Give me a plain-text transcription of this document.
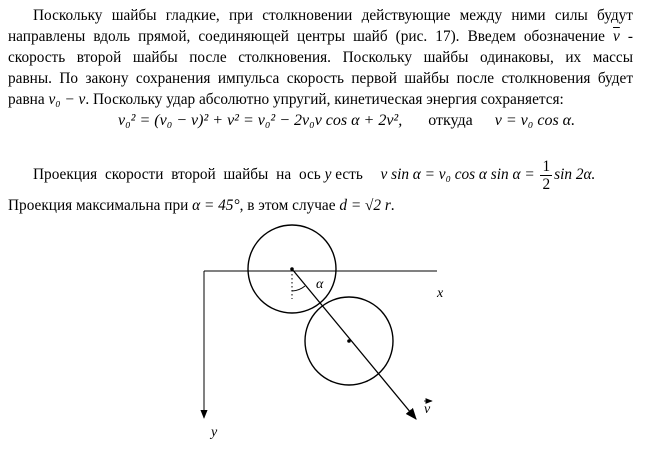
Поскольку шайбы гладкие, при столкновении действующие между ними силы будут

направлены вдоль прямой, соединяющей центры шайб (рис. 17). Введем обозначение $\overline{v}$ -

скорость второй шайбы после столкновения. Поскольку шайбы одинаковы, их массы

равны. По закону сохранения импульса скорость первой шайбы после столкновения будет

равна v₀ − v. Поскольку удар абсолютно упругий, кинетическая энергия сохраняется:

v₀² = (v₀ − v)² + v² = v₀² − 2v₀v cos α + 2v², откуда v = v₀ cos α.
Проекция скорости второй шайбы на ось y есть v sin α = v₀ cos α $\sin \alpha = \frac{1}{2}$ sin 2α.
Проекция максимальна при α = 45°, в этом случае d = √2 r.
x
y
α
v
